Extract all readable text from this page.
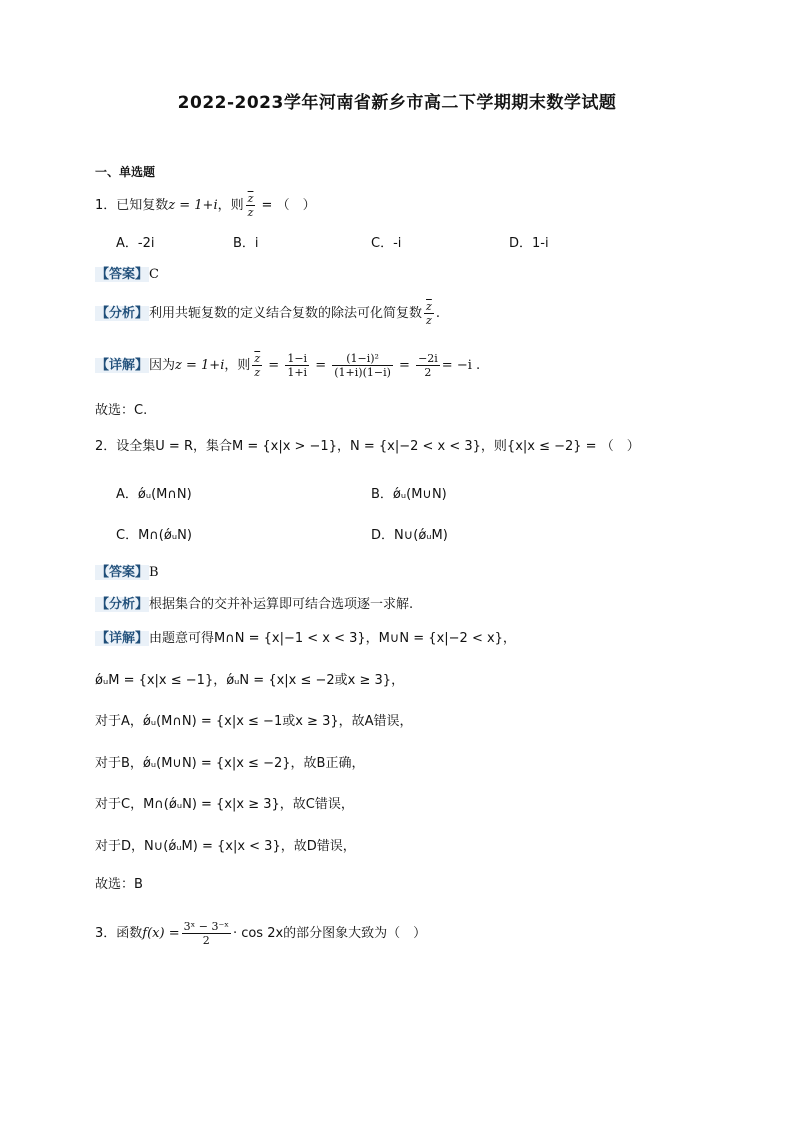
2022-2023学年河南省新乡市高二下学期期末数学试题
一、单选题
1．已知复数z = 1+i，则 $\frac{\overline{z}}{z}$ = （　）
A．-2i	B．i	C．-i	D．1-i
【答案】C
【分析】利用共轭复数的定义结合复数的除法可化简复数 $\frac{\overline{z}}{z}$ .
【详解】因为z = 1+i，则 $\frac{\overline{z}}{z} = \frac{1-i}{1+i} = \frac{\text{(1−i)²}}{(1+i)(1-i)} = \frac{-2i}{2} = -i$ .
故选：C.
2．设全集U = R，集合M = {x|x > −1}，N = {x|−2 < x < 3}，则{x|x ≤ −2} = （　）
A．ǿᵤ(M∩N)	B．ǿᵤ(M∪N)
C．M∩(ǿᵤN)	D．N∪(ǿᵤM)
【答案】B
【分析】根据集合的交并补运算即可结合选项逐一求解.
【详解】由题意可得M∩N = {x|−1 < x < 3}，M∪N = {x|−2 < x}，
ǿᵤM = {x|x ≤ −1}，ǿᵤN = {x|x ≤ −2或x ≥ 3}，
对于A，ǿᵤ(M∩N) = {x|x ≤ −1或x ≥ 3}，故A错误，
对于B，ǿᵤ(M∪N) = {x|x ≤ −2}，故B正确，
对于C，M∩(ǿᵤN) = {x|x ≥ 3}，故C错误，
对于D，N∪(ǿᵤM) = {x|x < 3}，故D错误，
故选：B
3．函数$f(x) = \frac{\text{3ˣ − 3⁻ˣ}}{2} \cdot \cos 2x$的部分图象大致为（　）
